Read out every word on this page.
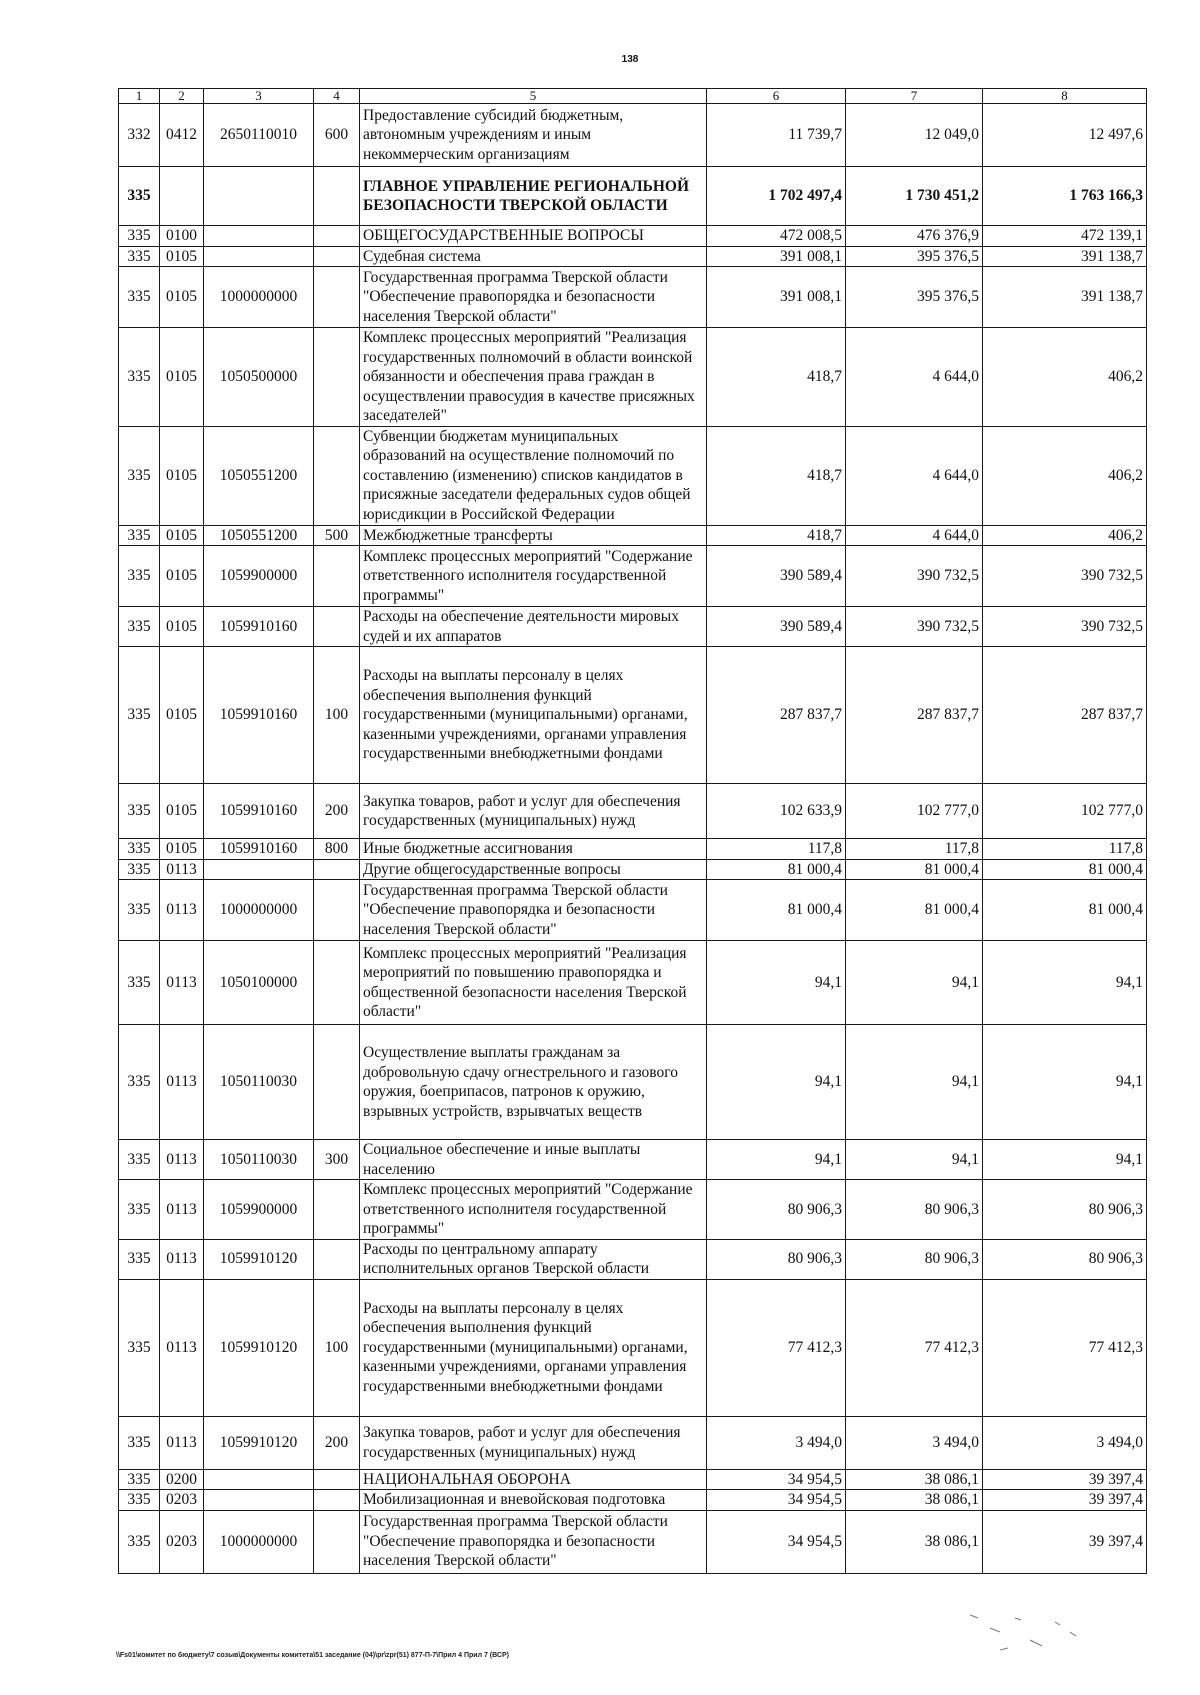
138
1	2	3	4	5	6	7	8
332	0412	2650110010	600	Предоставление субсидий бюджетным, автономным учреждениям и иным некоммерческим организациям	11 739,7	12 049,0	12 497,6
335				ГЛАВНОЕ УПРАВЛЕНИЕ РЕГИОНАЛЬНОЙ БЕЗОПАСНОСТИ ТВЕРСКОЙ ОБЛАСТИ	1 702 497,4	1 730 451,2	1 763 166,3
335	0100			ОБЩЕГОСУДАРСТВЕННЫЕ ВОПРОСЫ	472 008,5	476 376,9	472 139,1
335	0105			Судебная система	391 008,1	395 376,5	391 138,7
335	0105	1000000000		Государственная программа Тверской области "Обеспечение правопорядка и безопасности населения Тверской области"	391 008,1	395 376,5	391 138,7
335	0105	1050500000		Комплекс процессных мероприятий "Реализация государственных полномочий в области воинской обязанности и обеспечения права граждан в осуществлении правосудия в качестве присяжных заседателей"	418,7	4 644,0	406,2
335	0105	1050551200		Субвенции бюджетам муниципальных образований на осуществление полномочий по составлению (изменению) списков кандидатов в присяжные заседатели федеральных судов общей юрисдикции в Российской Федерации	418,7	4 644,0	406,2
335	0105	1050551200	500	Межбюджетные трансферты	418,7	4 644,0	406,2
335	0105	1059900000		Комплекс процессных мероприятий "Содержание ответственного исполнителя государственной программы"	390 589,4	390 732,5	390 732,5
335	0105	1059910160		Расходы на обеспечение деятельности мировых судей и их аппаратов	390 589,4	390 732,5	390 732,5
335	0105	1059910160	100	Расходы на выплаты персоналу в целях обеспечения выполнения функций государственными (муниципальными) органами, казенными учреждениями, органами управления государственными внебюджетными фондами	287 837,7	287 837,7	287 837,7
335	0105	1059910160	200	Закупка товаров, работ и услуг для обеспечения государственных (муниципальных) нужд	102 633,9	102 777,0	102 777,0
335	0105	1059910160	800	Иные бюджетные ассигнования	117,8	117,8	117,8
335	0113			Другие общегосударственные вопросы	81 000,4	81 000,4	81 000,4
335	0113	1000000000		Государственная программа Тверской области "Обеспечение правопорядка и безопасности населения Тверской области"	81 000,4	81 000,4	81 000,4
335	0113	1050100000		Комплекс процессных мероприятий "Реализация мероприятий по повышению правопорядка и общественной безопасности населения Тверской области"	94,1	94,1	94,1
335	0113	1050110030		Осуществление выплаты гражданам за добровольную сдачу огнестрельного и газового оружия, боеприпасов, патронов к оружию, взрывных устройств, взрывчатых веществ	94,1	94,1	94,1
335	0113	1050110030	300	Социальное обеспечение и иные выплаты населению	94,1	94,1	94,1
335	0113	1059900000		Комплекс процессных мероприятий "Содержание ответственного исполнителя государственной программы"	80 906,3	80 906,3	80 906,3
335	0113	1059910120		Расходы по центральному аппарату исполнительных органов Тверской области	80 906,3	80 906,3	80 906,3
335	0113	1059910120	100	Расходы на выплаты персоналу в целях обеспечения выполнения функций государственными (муниципальными) органами, казенными учреждениями, органами управления государственными внебюджетными фондами	77 412,3	77 412,3	77 412,3
335	0113	1059910120	200	Закупка товаров, работ и услуг для обеспечения государственных (муниципальных) нужд	3 494,0	3 494,0	3 494,0
335	0200			НАЦИОНАЛЬНАЯ ОБОРОНА	34 954,5	38 086,1	39 397,4
335	0203			Мобилизационная и вневойсковая подготовка	34 954,5	38 086,1	39 397,4
335	0203	1000000000		Государственная программа Тверской области "Обеспечение правопорядка и безопасности населения Тверской области"	34 954,5	38 086,1	39 397,4
\\Fs01\комитет по бюджету\7 созыв\Документы комитета\51 заседание (04)\pr\zpr(51) 877-П-7\Прил 4 Прил 7 (ВСР)
